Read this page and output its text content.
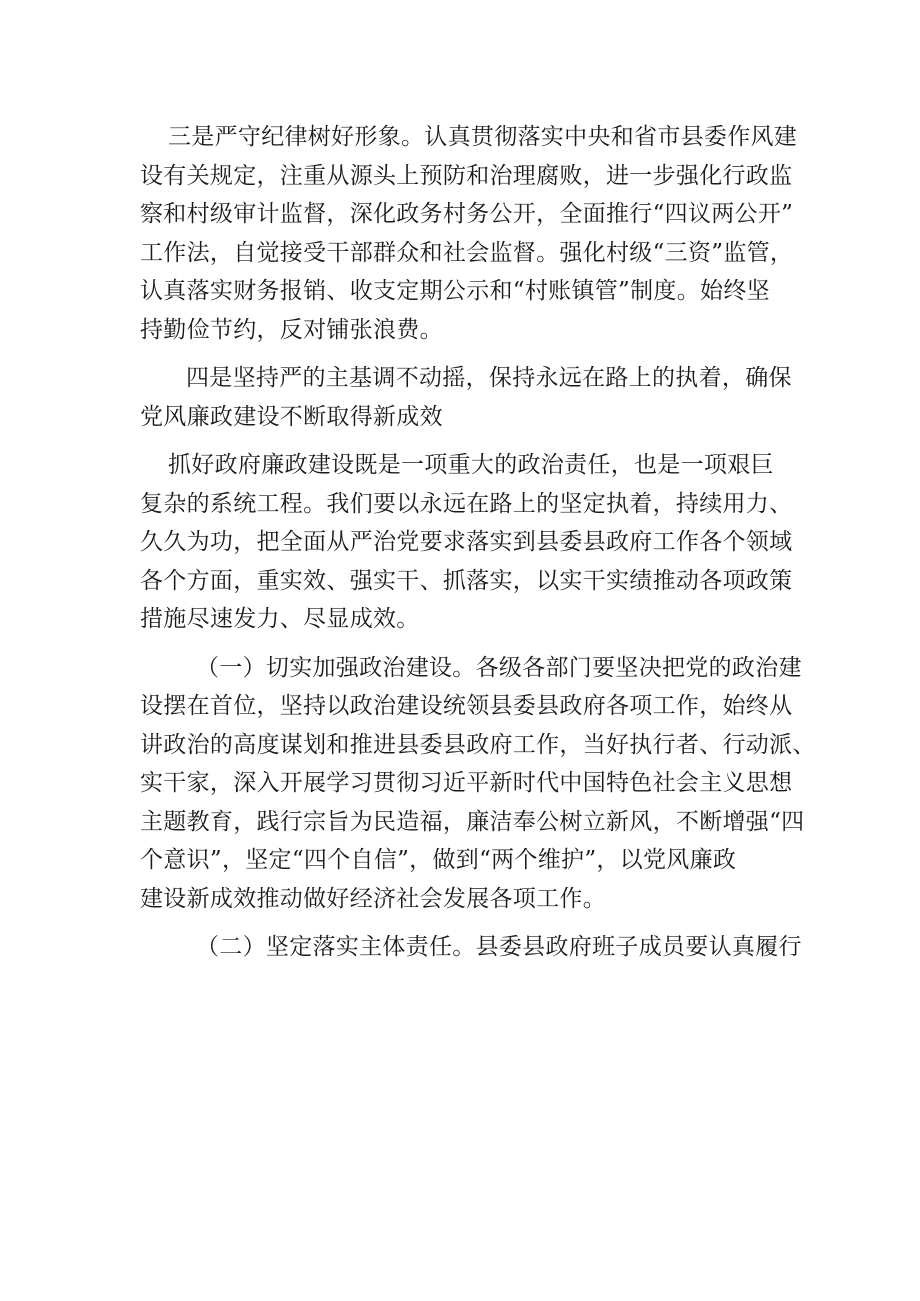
三是严守纪律树好形象。认真贯彻落实中央和省市县委作风建
设有关规定，注重从源头上预防和治理腐败，进一步强化行政监
察和村级审计监督，深化政务村务公开，全面推行“四议两公开”
工作法，自觉接受干部群众和社会监督。强化村级“三资”监管，
认真落实财务报销、收支定期公示和“村账镇管”制度。始终坚
持勤俭节约，反对铺张浪费。
四是坚持严的主基调不动摇，保持永远在路上的执着，确保
党风廉政建设不断取得新成效
抓好政府廉政建设既是一项重大的政治责任，也是一项艰巨
复杂的系统工程。我们要以永远在路上的坚定执着，持续用力、
久久为功，把全面从严治党要求落实到县委县政府工作各个领域
各个方面，重实效、强实干、抓落实，以实干实绩推动各项政策
措施尽速发力、尽显成效。
（一）切实加强政治建设。各级各部门要坚决把党的政治建
设摆在首位，坚持以政治建设统领县委县政府各项工作，始终从
讲政治的高度谋划和推进县委县政府工作，当好执行者、行动派、
实干家，深入开展学习贯彻习近平新时代中国特色社会主义思想
主题教育，践行宗旨为民造福，廉洁奉公树立新风，不断增强“四
个意识”，坚定“四个自信”，做到“两个维护”，以党风廉政
建设新成效推动做好经济社会发展各项工作。
（二）坚定落实主体责任。县委县政府班子成员要认真履行
